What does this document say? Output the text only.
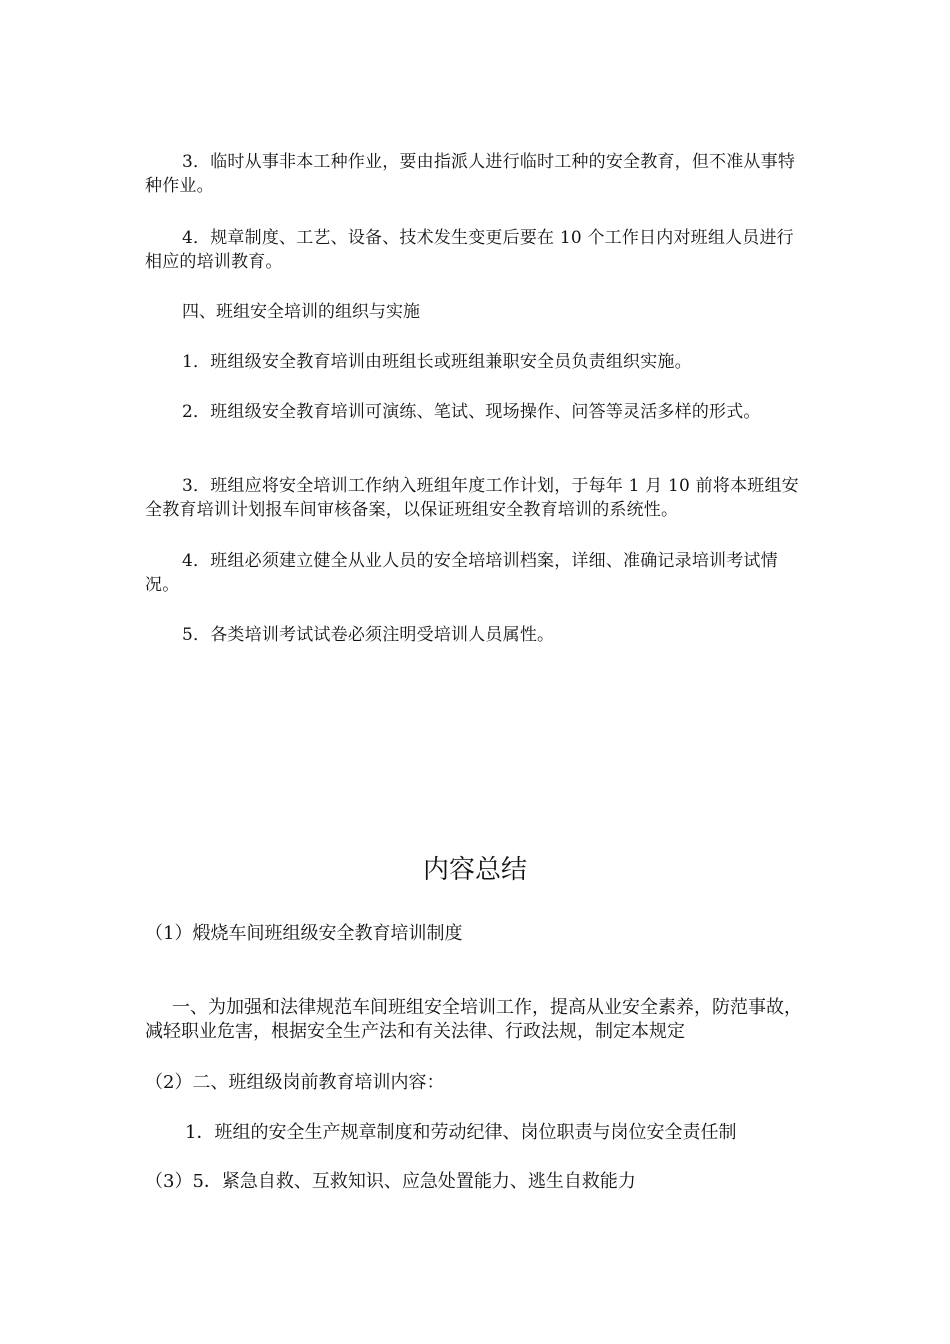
3．临时从事非本工种作业，要由指派人进行临时工种的安全教育，但不准从事特种作业。

4．规章制度、工艺、设备、技术发生变更后要在 10 个工作日内对班组人员进行相应的培训教育。

四、班组安全培训的组织与实施

1．班组级安全教育培训由班组长或班组兼职安全员负责组织实施。

2．班组级安全教育培训可演练、笔试、现场操作、问答等灵活多样的形式。

3．班组应将安全培训工作纳入班组年度工作计划，于每年 1 月 10 前将本班组安全教育培训计划报车间审核备案，以保证班组安全教育培训的系统性。

4．班组必须建立健全从业人员的安全培培训档案，详细、准确记录培训考试情况。

5．各类培训考试试卷必须注明受培训人员属性。

内容总结

（1）煅烧车间班组级安全教育培训制度

一、为加强和法律规范车间班组安全培训工作，提高从业安全素养，防范事故，减轻职业危害，根据安全生产法和有关法律、行政法规，制定本规定

（2）二、班组级岗前教育培训内容：

1．班组的安全生产规章制度和劳动纪律、岗位职责与岗位安全责任制

（3）5．紧急自救、互救知识、应急处置能力、逃生自救能力
